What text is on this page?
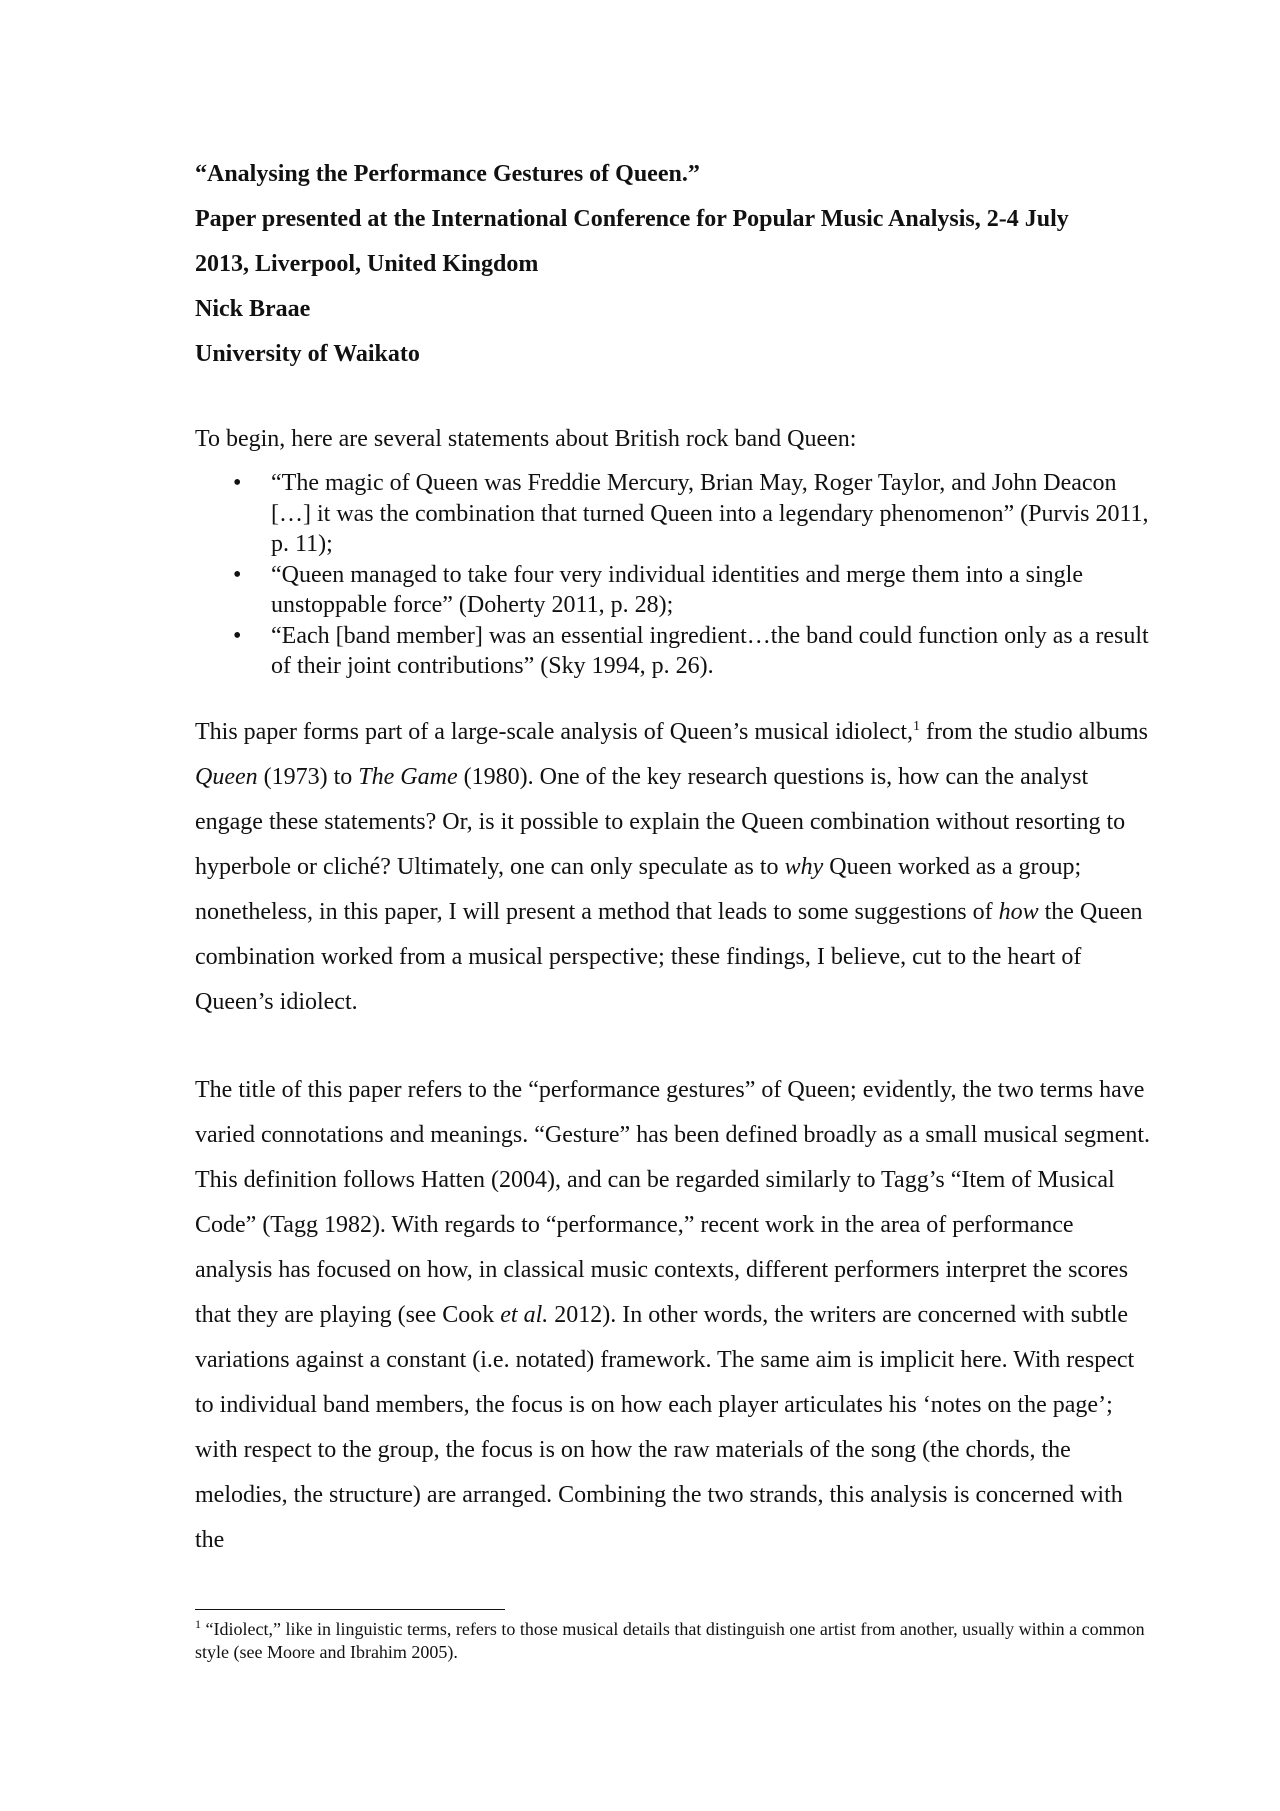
“Analysing the Performance Gestures of Queen.”
Paper presented at the International Conference for Popular Music Analysis, 2-4 July
2013, Liverpool, United Kingdom
Nick Braae
University of Waikato
To begin, here are several statements about British rock band Queen:
• “The magic of Queen was Freddie Mercury, Brian May, Roger Taylor, and John Deacon […] it was the combination that turned Queen into a legendary phenomenon” (Purvis 2011, p. 11);
• “Queen managed to take four very individual identities and merge them into a single unstoppable force” (Doherty 2011, p. 28);
• “Each [band member] was an essential ingredient…the band could function only as a result of their joint contributions” (Sky 1994, p. 26).

This paper forms part of a large-scale analysis of Queen’s musical idiolect,$^1$ from the studio albums Queen (1973) to The Game (1980). One of the key research questions is, how can the analyst engage these statements? Or, is it possible to explain the Queen combination without resorting to hyperbole or cliché? Ultimately, one can only speculate as to why Queen worked as a group; nonetheless, in this paper, I will present a method that leads to some suggestions of how the Queen combination worked from a musical perspective; these findings, I believe, cut to the heart of Queen’s idiolect.

The title of this paper refers to the “performance gestures” of Queen; evidently, the two terms have varied connotations and meanings. “Gesture” has been defined broadly as a small musical segment. This definition follows Hatten (2004), and can be regarded similarly to Tagg’s “Item of Musical Code” (Tagg 1982). With regards to “performance,” recent work in the area of performance analysis has focused on how, in classical music contexts, different performers interpret the scores that they are playing (see Cook et al. 2012). In other words, the writers are concerned with subtle variations against a constant (i.e. notated) framework. The same aim is implicit here. With respect to individual band members, the focus is on how each player articulates his ‘notes on the page’; with respect to the group, the focus is on how the raw materials of the song (the chords, the melodies, the structure) are arranged. Combining the two strands, this analysis is concerned with the

$^1$ “Idiolect,” like in linguistic terms, refers to those musical details that distinguish one artist from another, usually within a common style (see Moore and Ibrahim 2005).
